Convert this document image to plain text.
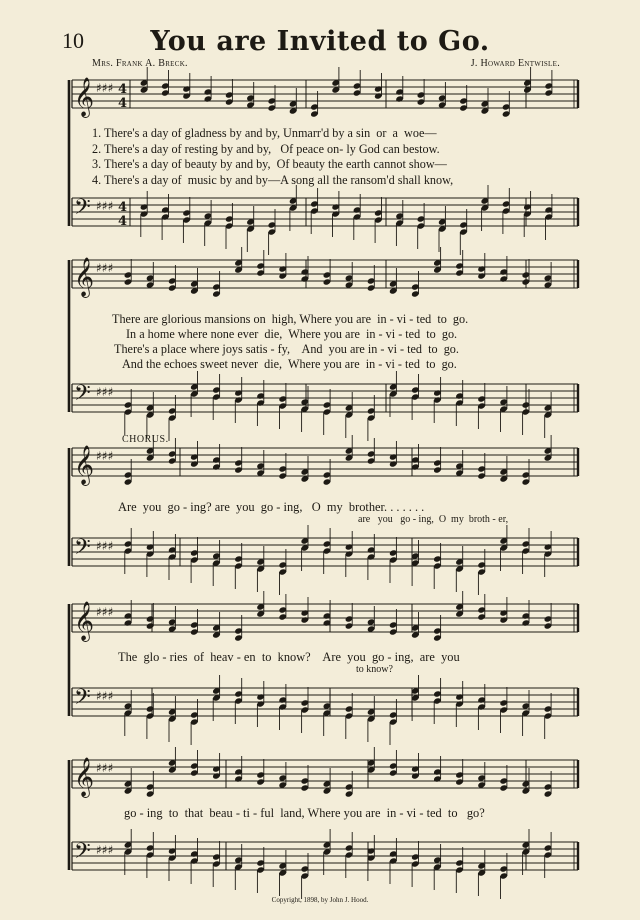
10	You are Invited to Go.
Mrs. Frank A. Breck.	J. Howard Entwisle.
𝄞 ♯♯♯ 4
4
𝄢 ♯♯♯ 4
4
𝄞 ♯♯♯
𝄢 ♯♯♯
𝄞 ♯♯♯
𝄢 ♯♯♯
𝄞 ♯♯♯
𝄢 ♯♯♯
𝄞 ♯♯♯
𝄢 ♯♯♯
1. There's a day of gladness by and by, Unmarr'd by a sin  or  a  woe—
2. There's a day of resting by and by,   Of peace on- ly God can bestow.
3. There's a day of beauty by and by,  Of beauty the earth cannot show—
4. There's a day of  music by and by—A song all the ransom'd shall know,
There are glorious mansions on  high, Where you are  in - vi - ted  to  go.
In a home where none ever  die,  Where you are  in - vi - ted  to  go.
There's a place where joys satis - fy,    And  you are in - vi - ted  to  go.
And the echoes sweet never  die,  Where you are  in - vi - ted  to  go.
CHORUS.
Are  you  go - ing? are  you  go - ing,   O  my  brother. . . . . . .
are   you   go - ing,  O  my  broth - er,
The  glo - ries  of  heav - en  to  know?    Are  you  go - ing,  are  you
to know?
go - ing  to  that  beau - ti - ful  land, Where you are  in - vi - ted  to   go?
Copyright, 1898, by John J. Hood.
